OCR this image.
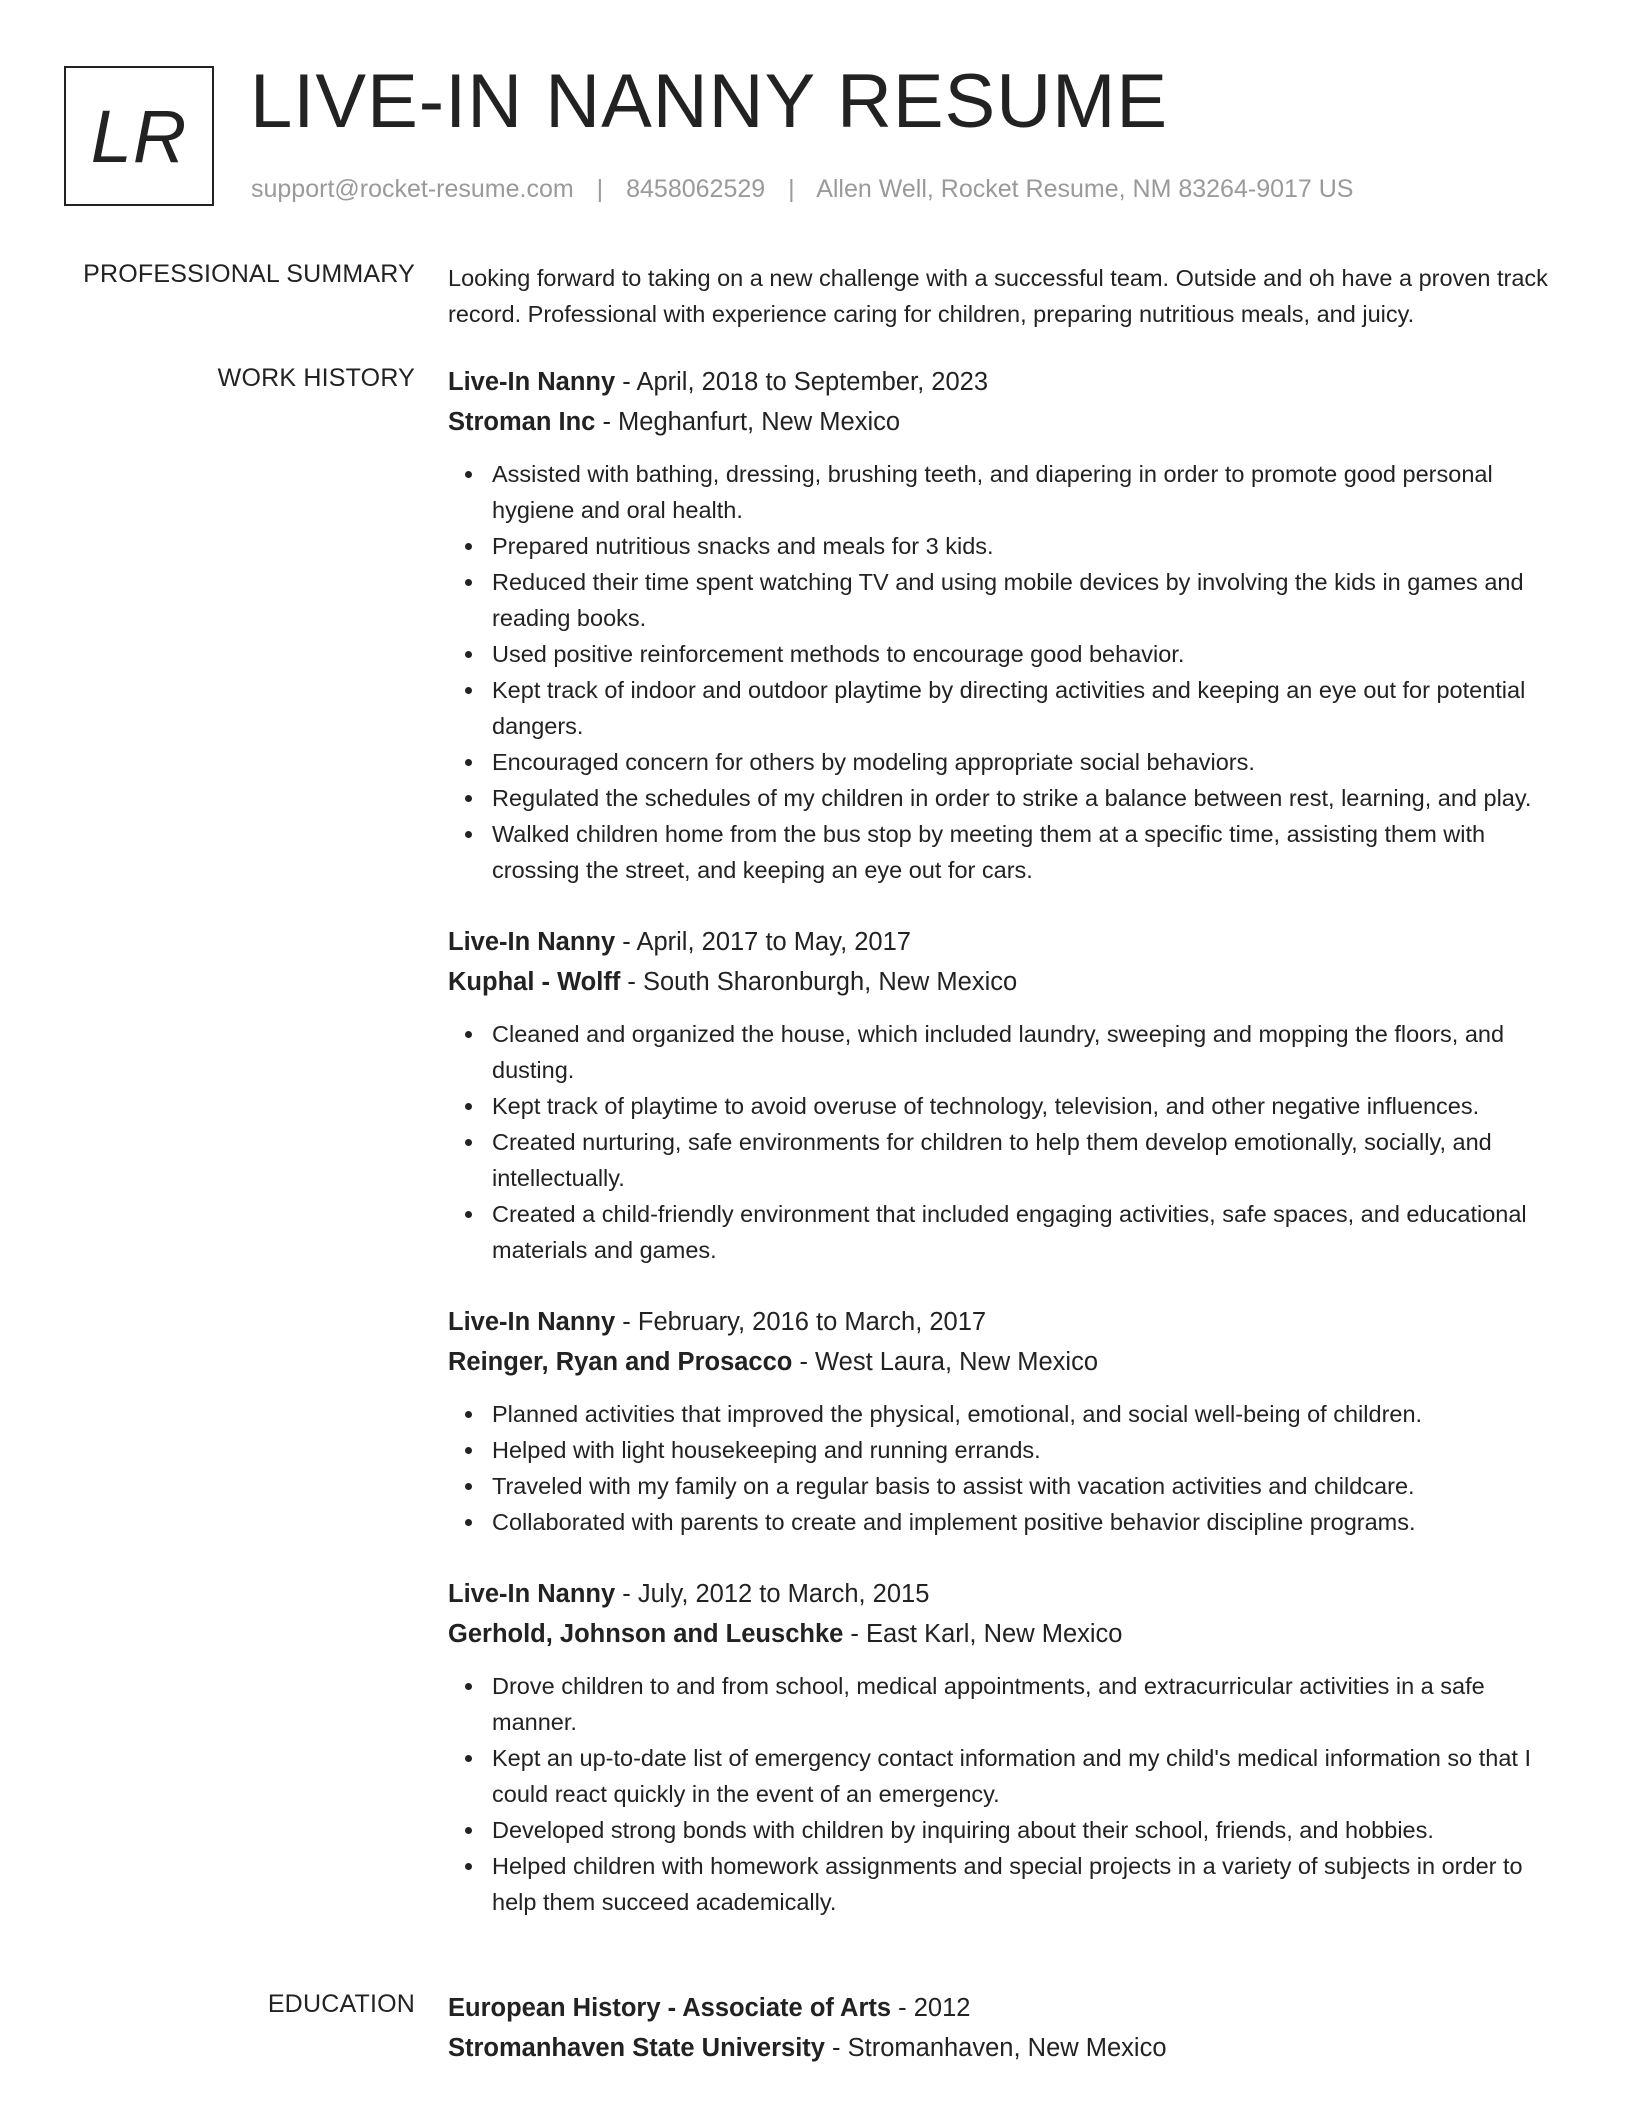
LR LIVE-IN NANNY RESUME
support@rocket-resume.com | 8458062529 | Allen Well, Rocket Resume, NM 83264-9017 US
PROFESSIONAL SUMMARY Looking forward to taking on a new challenge with a successful team. Outside and oh have a proven track record. Professional with experience caring for children, preparing nutritious meals, and juicy.
WORK HISTORY Live-In Nanny - April, 2018 to September, 2023
Stroman Inc - Meghanfurt, New Mexico
Assisted with bathing, dressing, brushing teeth, and diapering in order to promote good personal hygiene and oral health.
Prepared nutritious snacks and meals for 3 kids.
Reduced their time spent watching TV and using mobile devices by involving the kids in games and reading books.
Used positive reinforcement methods to encourage good behavior.
Kept track of indoor and outdoor playtime by directing activities and keeping an eye out for potential dangers.
Encouraged concern for others by modeling appropriate social behaviors.
Regulated the schedules of my children in order to strike a balance between rest, learning, and play.
Walked children home from the bus stop by meeting them at a specific time, assisting them with crossing the street, and keeping an eye out for cars.
Live-In Nanny - April, 2017 to May, 2017
Kuphal - Wolff - South Sharonburgh, New Mexico
Cleaned and organized the house, which included laundry, sweeping and mopping the floors, and dusting.
Kept track of playtime to avoid overuse of technology, television, and other negative influences.
Created nurturing, safe environments for children to help them develop emotionally, socially, and intellectually.
Created a child-friendly environment that included engaging activities, safe spaces, and educational materials and games.
Live-In Nanny - February, 2016 to March, 2017
Reinger, Ryan and Prosacco - West Laura, New Mexico
Planned activities that improved the physical, emotional, and social well-being of children.
Helped with light housekeeping and running errands.
Traveled with my family on a regular basis to assist with vacation activities and childcare.
Collaborated with parents to create and implement positive behavior discipline programs.
Live-In Nanny - July, 2012 to March, 2015
Gerhold, Johnson and Leuschke - East Karl, New Mexico
Drove children to and from school, medical appointments, and extracurricular activities in a safe manner.
Kept an up-to-date list of emergency contact information and my child's medical information so that I could react quickly in the event of an emergency.
Developed strong bonds with children by inquiring about their school, friends, and hobbies.
Helped children with homework assignments and special projects in a variety of subjects in order to help them succeed academically.
EDUCATION European History - Associate of Arts - 2012
Stromanhaven State University - Stromanhaven, New Mexico
